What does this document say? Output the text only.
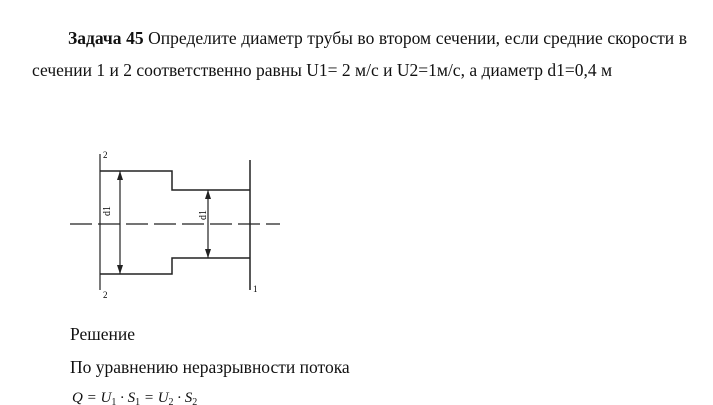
Задача 45 Определите диаметр трубы во втором сечении, если средние скорости в сечении 1 и 2 соответственно равны U1= 2 м/с и U2=1м/с, а диаметр d1=0,4 м

d1	d1
2
2
1
Решение
По уравнению неразрывности потока
$Q = U_1 \cdot S_1 = U_2 \cdot S_2$
